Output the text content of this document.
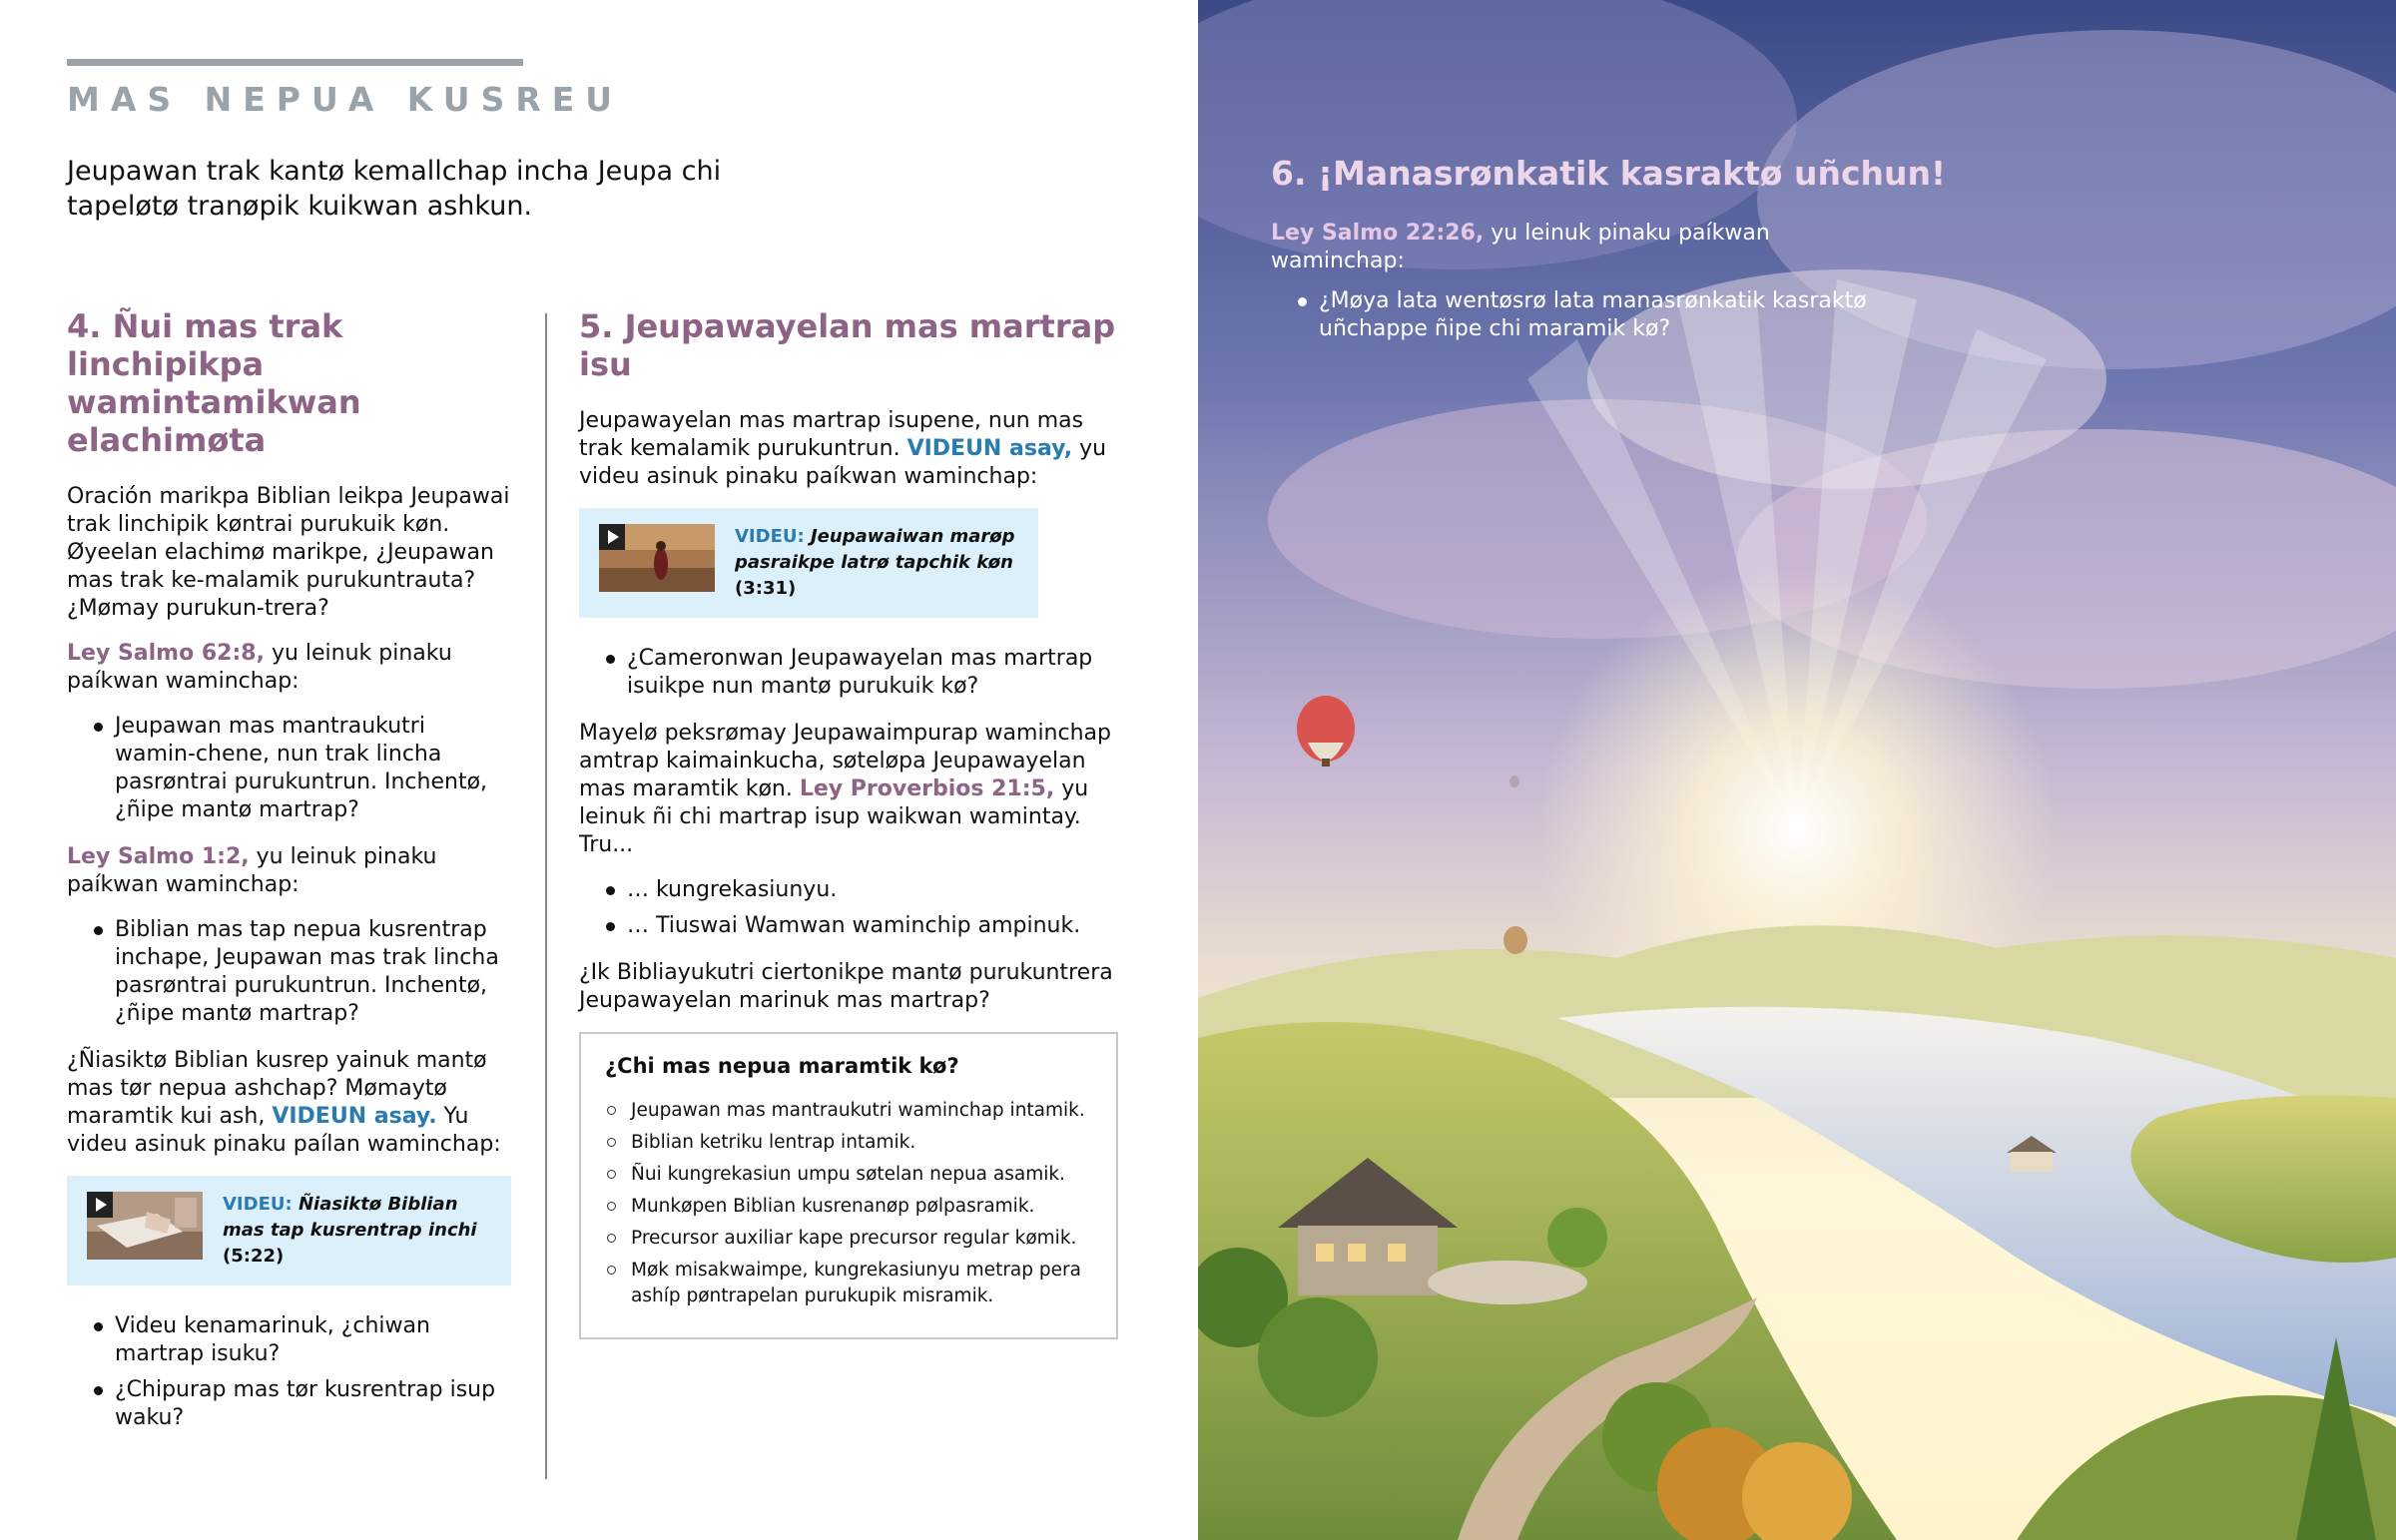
MAS NEPUA KUSREU
Jeupawan trak kantø kemallchap incha Jeupa chi tapeløtø tranøpik kuikwan ashkun.
4. Ñui mas trak linchipikpa wamintamikwan elachimøta

Oración marikpa Biblian leikpa Jeupawai trak linchipik køntrai purukuik køn. Øyeelan elachimø marikpe, ¿Jeupawan mas trak ke-malamik purukuntrauta? ¿Mømay purukun-trera?

Ley Salmo 62:8, yu leinuk pinaku paíkwan waminchap:

Jeupawan mas mantraukutri wamin-chene, nun trak lincha pasrøntrai purukuntrun. Inchentø, ¿ñipe mantø martrap?

Ley Salmo 1:2, yu leinuk pinaku paíkwan waminchap:

Biblian mas tap nepua kusrentrap inchape, Jeupawan mas trak lincha pasrøntrai purukuntrun. Inchentø, ¿ñipe mantø martrap?

¿Ñiasiktø Biblian kusrep yainuk mantø mas tør nepua ashchap? Mømaytø maramtik kui ash, VIDEUN asay. Yu videu asinuk pinaku paílan waminchap:

VIDEU: Ñiasiktø Biblian mas tap kusrentrap inchi (5:22)
Videu kenamarinuk, ¿chiwan martrap isuku?
¿Chipurap mas tør kusrentrap isup waku?
5. Jeupawayelan mas martrap isu

Jeupawayelan mas martrap isupene, nun mas trak kemalamik purukuntrun. VIDEUN asay, yu videu asinuk pinaku paíkwan waminchap:

VIDEU: Jeupawaiwan marøp pasraikpe latrø tapchik køn (3:31)
¿Cameronwan Jeupawayelan mas martrap isuikpe nun mantø purukuik kø?

Mayelø peksrømay Jeupawaimpurap waminchap amtrap kaimainkucha, søteløpa Jeupawayelan mas maramtik køn. Ley Proverbios 21:5, yu leinuk ñi chi martrap isup waikwan wamintay. Tru...

… kungrekasiunyu.
… Tiuswai Wamwan waminchip ampinuk.

¿Ik Bibliayukutri ciertonikpe mantø purukuntrera Jeupawayelan marinuk mas martrap?

¿Chi mas nepua maramtik kø?
Jeupawan mas mantraukutri waminchap intamik.
Biblian ketriku lentrap intamik.
Ñui kungrekasiun umpu søtelan nepua asamik.
Munkøpen Biblian kusrenanøp pølpasramik.
Precursor auxiliar kape precursor regular kømik.
Møk misakwaimpe, kungrekasiunyu metrap pera ashíp pøntrapelan purukupik misramik.
6. ¡Manasrønkatik kasraktø uñchun!
Ley Salmo 22:26, yu leinuk pinaku paíkwan waminchap:
¿Møya lata wentøsrø lata manasrønkatik kasraktø uñchappe ñipe chi maramik kø?
